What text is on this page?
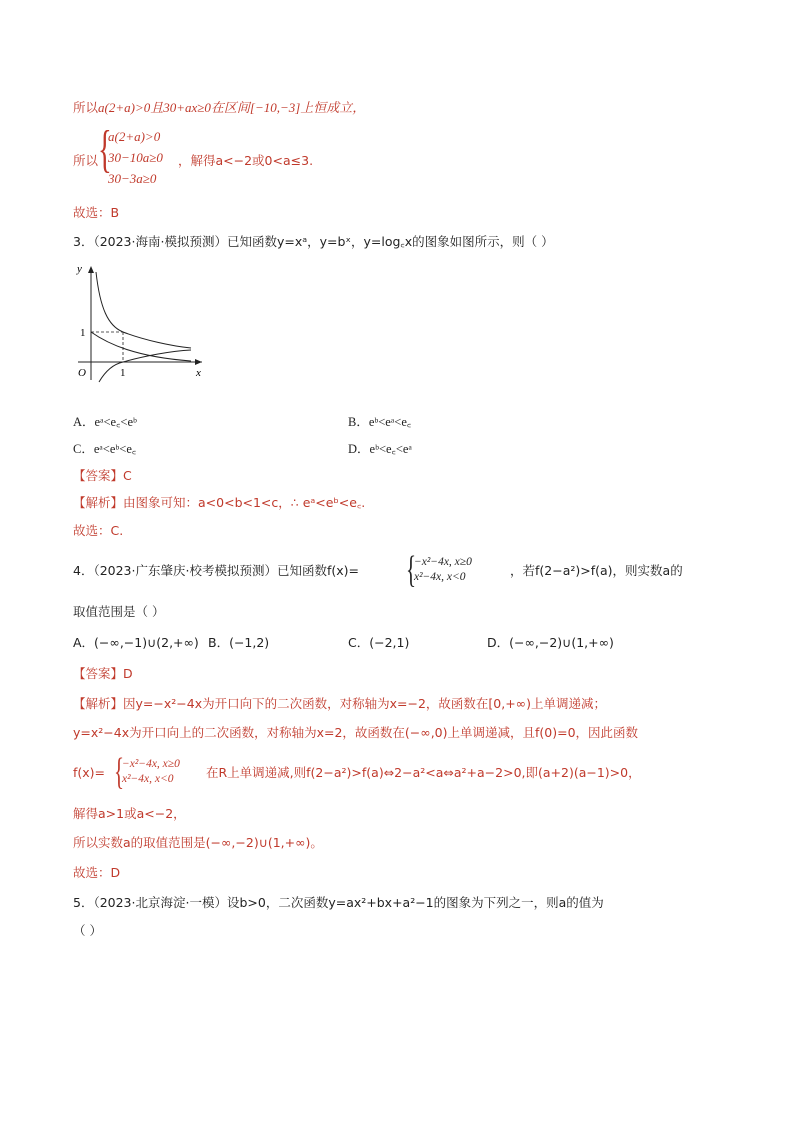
所以a(2+a)>0且30+ax≥0在区间[−10,−3]上恒成立，
所以 {
a(2+a)>0
30−10a≥0
30−3a≥0
，解得a<−2或0<a≤3.
故选：B
3．（2023·海南·模拟预测）已知函数y=xᵃ，y=bˣ，y=log꜀x的图象如图所示，则（ ）
y
x
1
O	1
A．eᵃ<e꜀<eᵇ	B．eᵇ<eᵃ<e꜀
C．eᵃ<eᵇ<e꜀	D．eᵇ<e꜀<eᵃ
【答案】C
【解析】由图象可知：a<0<b<1<c，∴ eᵃ<eᵇ<e꜀.
故选：C.
4．（2023·广东肇庆·校考模拟预测）已知函数f(x)= {
−x²−4x, x≥0
x²−4x, x<0	，若f(2−a²)>f(a)，则实数a的
取值范围是（ ）
A．(−∞,−1)∪(2,+∞) B．(−1,2)	C．(−2,1)	D．(−∞,−2)∪(1,+∞)
【答案】D
【解析】因y=−x²−4x为开口向下的二次函数，对称轴为x=−2，故函数在[0,+∞)上单调递减；
y=x²−4x为开口向上的二次函数，对称轴为x=2，故函数在(−∞,0)上单调递减，且f(0)=0，因此函数
f(x)= {
−x²−4x, x≥0
x²−4x, x<0	在R上单调递减,则f(2−a²)>f(a)⇔2−a²<a⇔a²+a−2>0,即(a+2)(a−1)>0，
解得a>1或a<−2，
所以实数a的取值范围是(−∞,−2)∪(1,+∞)。
故选：D
5．（2023·北京海淀·一模）设b>0，二次函数y=ax²+bx+a²−1的图象为下列之一，则a的值为
（ ）
